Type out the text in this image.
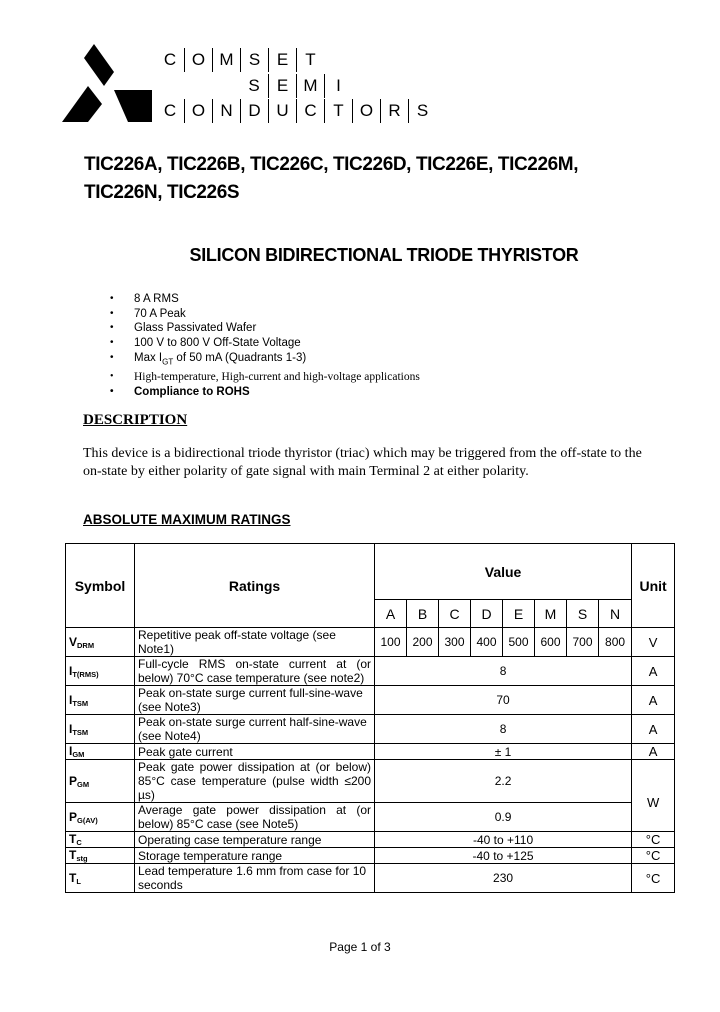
C O M S E	T
S	E M	I
C O N D U C T O R S
TIC226A, TIC226B, TIC226C, TIC226D, TIC226E, TIC226M,
TIC226N, TIC226S
SILICON BIDIRECTIONAL TRIODE THYRISTOR
• 8 A RMS
• 70 A Peak
• Glass Passivated Wafer
• 100 V to 800 V Off-State Voltage
• Max $I_{GT}$ of 50 mA (Quadrants 1-3)
• High-temperature, High-current and high-voltage applications
• Compliance to ROHS
DESCRIPTION
This device is a bidirectional triode thyristor (triac) which may be triggered from the off-state to the on-state by either polarity of gate signal with main Terminal 2 at either polarity.
ABSOLUTE MAXIMUM RATINGS
Symbol	Ratings	Value								Unit
		A	B	C	D	E	M	S	N	
VDRM	Repetitive peak off-state voltage (see Note1)	100	200	300	400	500	600	700	800	V
IT(RMS)	Full-cycle RMS on-state current at (or below) 70°C case temperature (see note2)	8								A
ITSM	Peak on-state surge current full-sine-wave (see Note3)	70								A
ITSM	Peak on-state surge current half-sine-wave (see Note4)	8								A
IGM	Peak gate current	± 1								A
PGM	Peak gate power dissipation at (or below) 85°C case temperature (pulse width ≤200 µs)	2.2								W
PG(AV)	Average gate power dissipation at (or below) 85°C case (see Note5)	0.9								
TC	Operating case temperature range	-40 to +110								°C
Tstg	Storage temperature range	-40 to +125								°C
TL	Lead temperature 1.6 mm from case for 10 seconds	230								°C
Page 1 of 3
